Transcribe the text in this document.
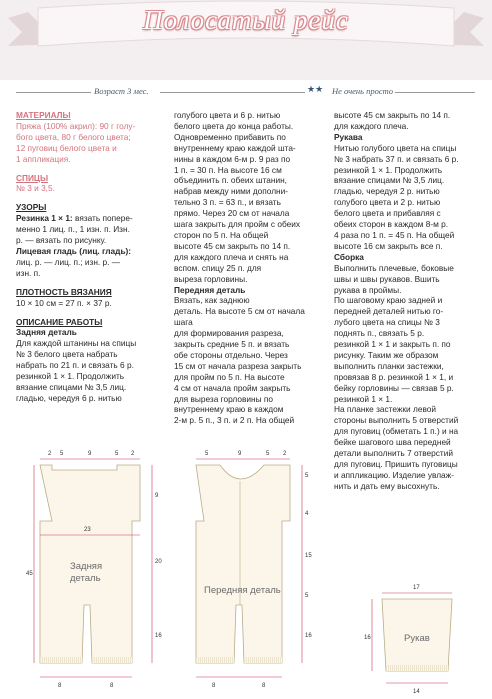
Полосатый рейс
Возраст 3 мес.	★★ Не очень просто

МАТЕРИАЛЫ

Пряжа (100% акрил): 90 г голу-

бого цвета, 80 г белого цвета;

12 пуговиц белого цвета и

1 аппликация.

СПИЦЫ

№ 3 и 3,5.

УЗОРЫ

Резинка 1 × 1: вязать попере-

менно 1 лиц. п., 1 изн. п. Изн.

р. — вязать по рисунку.

Лицевая гладь (лиц. гладь):

лиц. р. — лиц. п.; изн. р. —

изн. п.

ПЛОТНОСТЬ ВЯЗАНИЯ

10 × 10 см = 27 п. × 37 р.

ОПИСАНИЕ РАБОТЫ

Задняя деталь

Для каждой штанины на спицы

№ 3 белого цвета набрать

набрать по 21 п. и связать 6 р.

резинкой 1 × 1. Продолжить

вязание спицами № 3,5 лиц.

гладью, чередуя 6 р. нитью

голубого цвета и 6 р. нитью

белого цвета до конца работы.

Одновременно прибавить по

внутреннему краю каждой шта-

нины в каждом 6-м р. 9 раз по

1 п. = 30 п. На высоте 16 см

объединить п. обеих штанин,

набрав между ними дополни-

тельно 3 п. = 63 п., и вязать

прямо. Через 20 см от начала

шага закрыть для пройм с обеих

сторон по 5 п. На общей

высоте 45 см закрыть по 14 п.

для каждого плеча и снять на

вспом. спицу 25 п. для

выреза горловины.

Передняя деталь

Вязать, как заднюю

деталь. На высоте 5 см от начала шага

для формирования разреза,

закрыть средние 5 п. и вязать

обе стороны отдельно. Через

15 см от начала разреза закрыть

для пройм по 5 п. На высоте

4 см от начала пройм закрыть

для выреза горловины по

внутреннему краю в каждом

2-м р. 5 п., 3 п. и 2 п. На общей

высоте 45 см закрыть по 14 п.

для каждого плеча.

Рукава

Нитью голубого цвета на спицы

№ 3 набрать 37 п. и связать 6 р.

резинкой 1 × 1. Продолжить

вязание спицами № 3,5 лиц.

гладью, чередуя 2 р. нитью

голубого цвета и 2 р. нитью

белого цвета и прибавляя с

обеих сторон в каждом 8-м р.

4 раза по 1 п. = 45 п. На общей

высоте 16 см закрыть все п.

Сборка

Выполнить плечевые, боковые

швы и швы рукавов. Вшить

рукава в проймы.

По шаговому краю задней и

передней деталей нитью го-

лубого цвета на спицы № 3

поднять п., связать 5 р.

резинкой 1 × 1 и закрыть п. по

рисунку. Таким же образом

выполнить планки застежки,

провязав 8 р. резинкой 1 × 1, и

бейку горловины — связав 5 р.

резинкой 1 × 1.

На планке застежки левой

стороны выполнить 5 отверстий

для пуговиц (обметать 1 п.) и на

бейке шагового шва передней

детали выполнить 7 отверстий

для пуговиц. Пришить пуговицы

и аппликацию. Изделие увлаж-

нить и дать ему высохнуть.

2 5	9	5 2
23
9
20
16
45
8	8
Задняя
деталь
5	9	5 2
5
4
15
5
16
8	8
Передняя деталь	17
16
14
Рукав
